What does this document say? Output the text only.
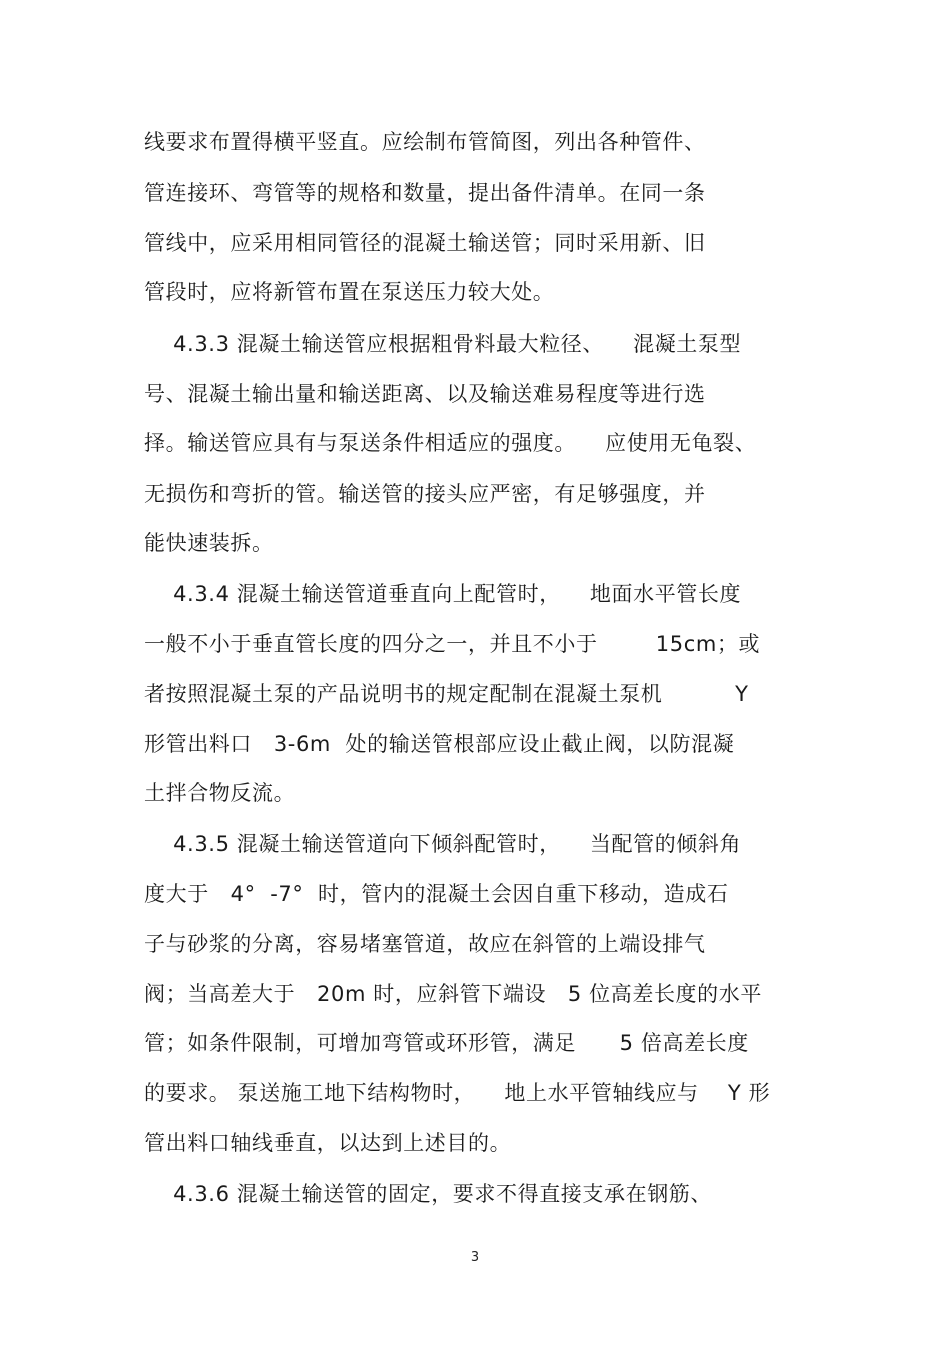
线要求布置得横平竖直。应绘制布管简图，列出各种管件、
管连接环、弯管等的规格和数量，提出备件清单。在同一条
管线中，应采用相同管径的混凝土输送管；同时采用新、旧
管段时，应将新管布置在泵送压力较大处。
4.3.3 混凝土输送管应根据粗骨料最大粒径、    混凝土泵型
号、混凝土输出量和输送距离、以及输送难易程度等进行选
择。输送管应具有与泵送条件相适应的强度。    应使用无龟裂、
无损伤和弯折的管。输送管的接头应严密，有足够强度，并
能快速装拆。
4.3.4 混凝土输送管道垂直向上配管时，    地面水平管长度
一般不小于垂直管长度的四分之一，并且不小于        15cm；或
者按照混凝土泵的产品说明书的规定配制在混凝土泵机          Y
形管出料口   3-6m  处的输送管根部应设止截止阀，以防混凝
土拌合物反流。
4.3.5 混凝土输送管道向下倾斜配管时，    当配管的倾斜角
度大于   4°  -7°  时，管内的混凝土会因自重下移动，造成石
子与砂浆的分离，容易堵塞管道，故应在斜管的上端设排气
阀；当高差大于   20m 时，应斜管下端设   5 位高差长度的水平
管；如条件限制，可增加弯管或环形管，满足      5 倍高差长度
的要求。 泵送施工地下结构物时，    地上水平管轴线应与    Y 形
管出料口轴线垂直，以达到上述目的。
4.3.6 混凝土输送管的固定，要求不得直接支承在钢筋、
3
